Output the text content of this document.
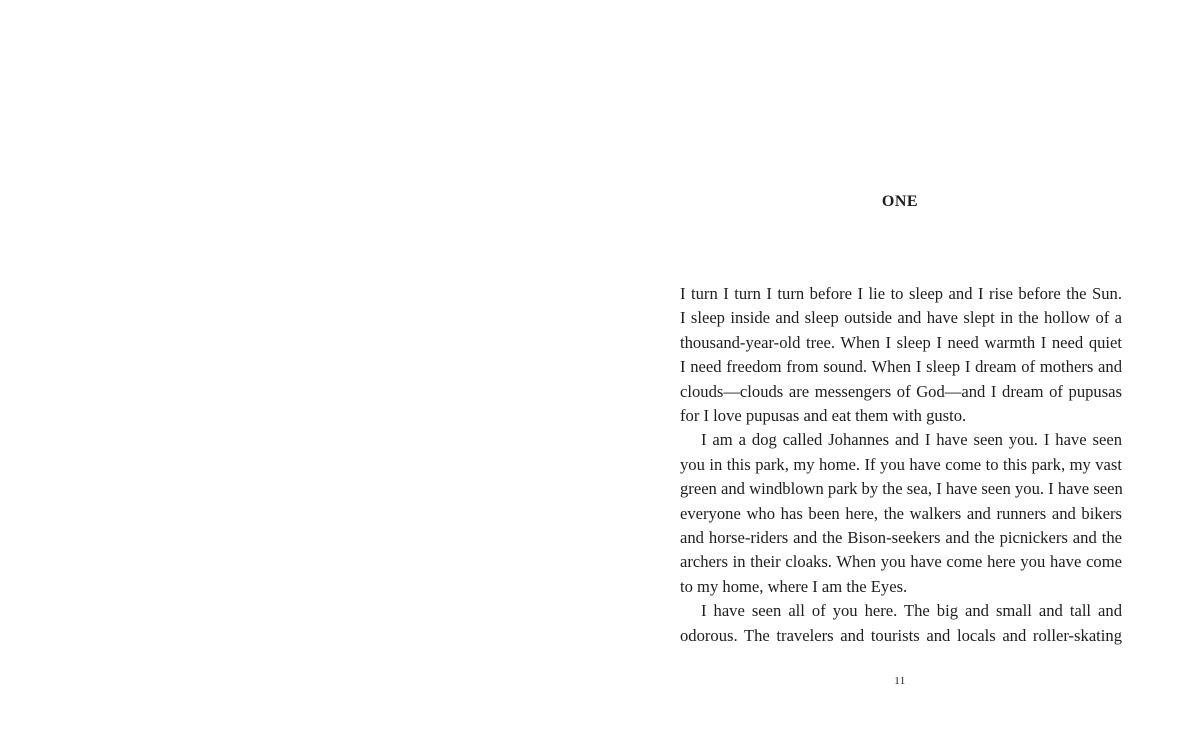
ONE
I turn I turn I turn before I lie to sleep and I rise before the Sun.
I sleep inside and sleep outside and have slept in the hollow of a
thousand-year-old tree. When I sleep I need warmth I need quiet
I need freedom from sound. When I sleep I dream of mothers and
clouds—clouds are messengers of God—and I dream of pupusas
for I love pupusas and eat them with gusto.
I am a dog called Johannes and I have seen you. I have seen
you in this park, my home. If you have come to this park, my vast
green and windblown park by the sea, I have seen you. I have seen
everyone who has been here, the walkers and runners and bikers
and horse-riders and the Bison-seekers and the picnickers and the
archers in their cloaks. When you have come here you have come
to my home, where I am the Eyes.
I have seen all of you here. The big and small and tall and
odorous. The travelers and tourists and locals and roller-skating
11
